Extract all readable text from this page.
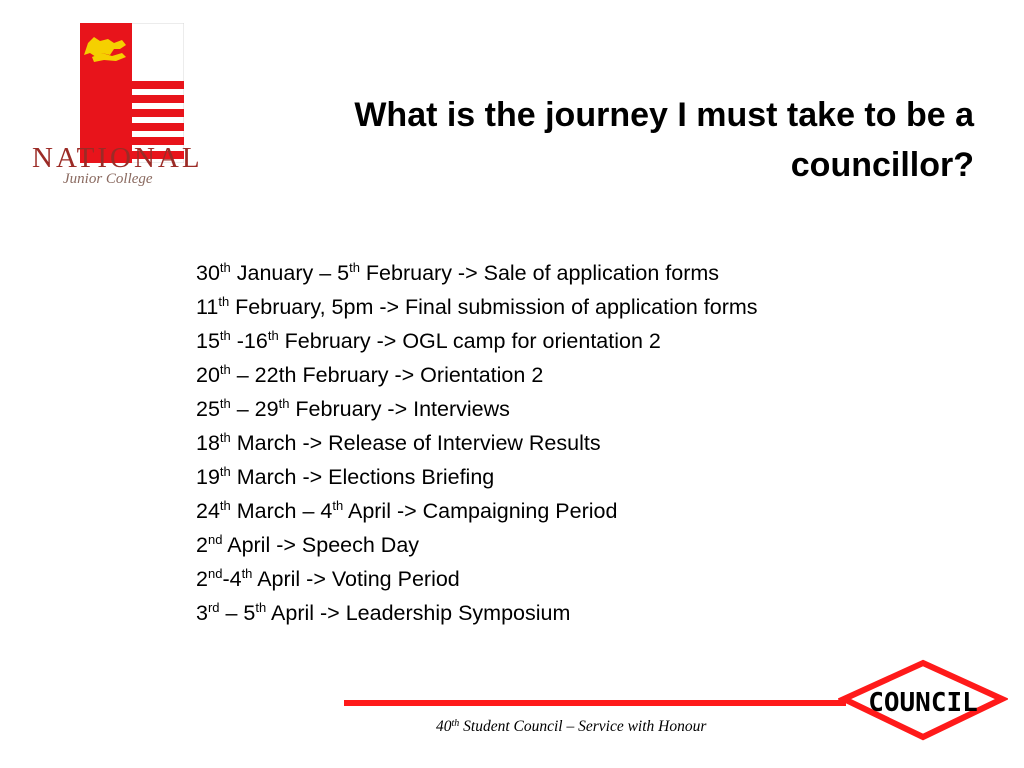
NATIONAL
Junior College
What is the journey I must take to be a
councillor?
30th January – 5th February -> Sale of application forms
11th February, 5pm -> Final submission of application forms
15th -16th February -> OGL camp for orientation 2
20th – 22th February -> Orientation 2
25th – 29th February -> Interviews
18th March -> Release of Interview Results
19th March -> Elections Briefing
24th March – 4th April -> Campaigning Period
2nd April -> Speech Day
2nd-4th April -> Voting Period
3rd – 5th April -> Leadership Symposium
COUNCIL
40th Student Council – Service with Honour
